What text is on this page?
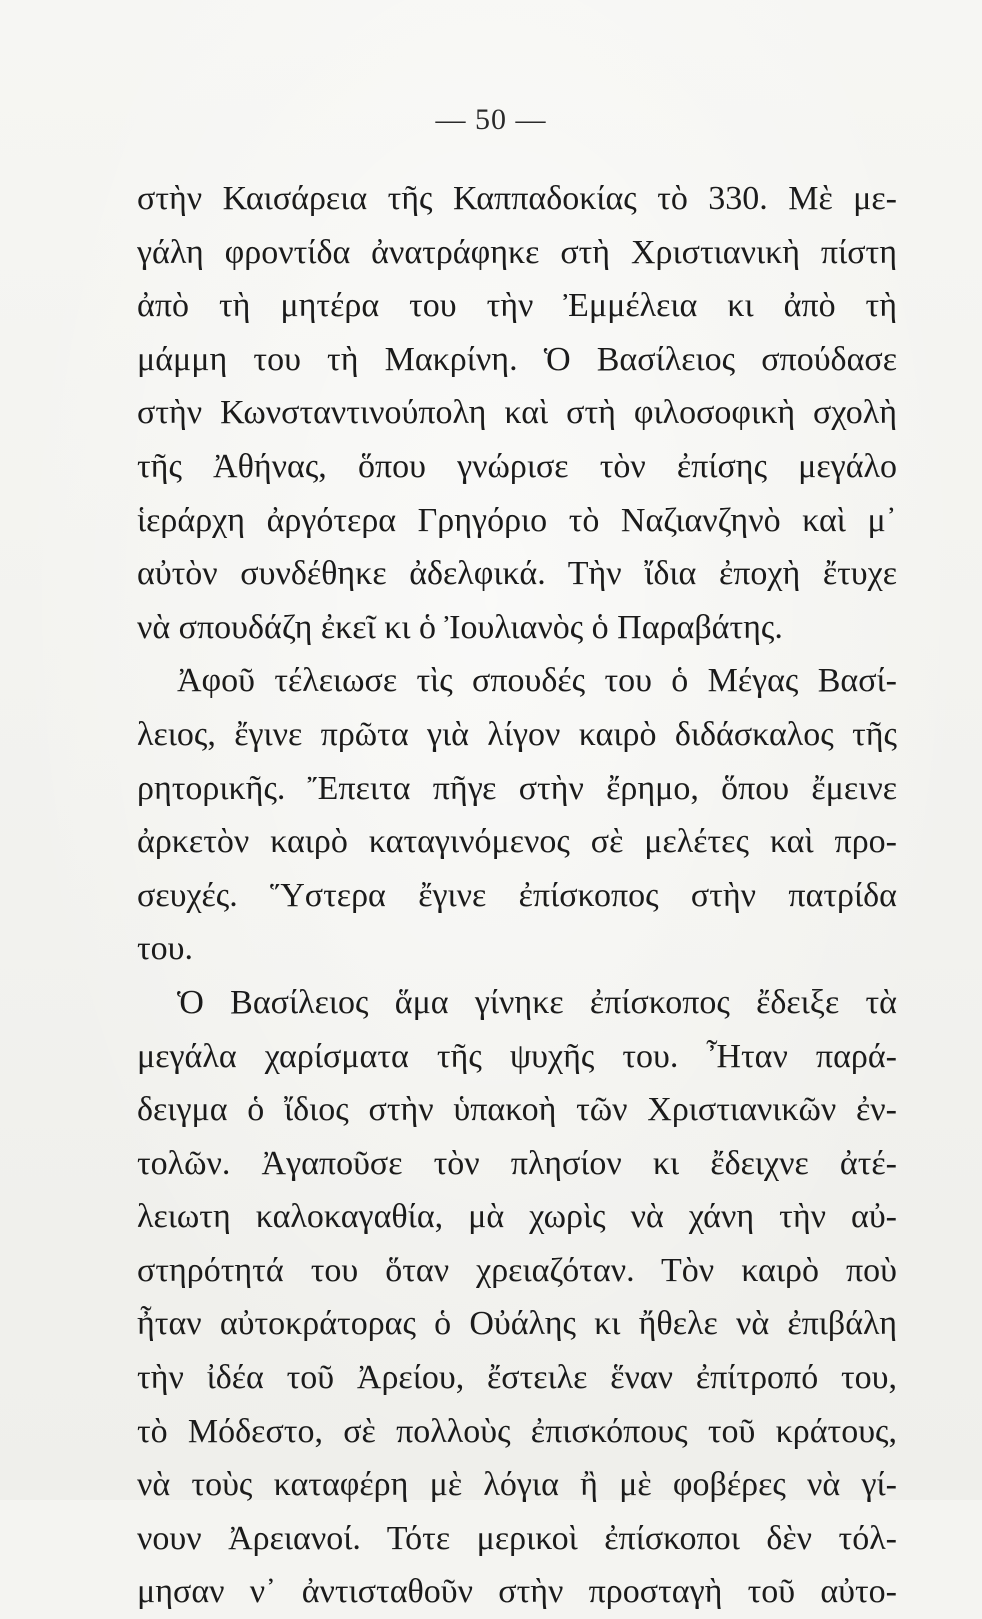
— 50 —
στὴν Καισάρεια τῆς Καππαδοκίας τὸ 330. Μὲ με-
γάλη φροντίδα ἀνατράφηκε στὴ Χριστιανικὴ πίστη
ἀπὸ τὴ μητέρα του τὴν Ἐμμέλεια κι ἀπὸ τὴ
μάμμη του τὴ Μακρίνη. Ὁ Βασίλειος σπούδασε
στὴν Κωνσταντινούπολη καὶ στὴ φιλοσοφικὴ σχολὴ
τῆς Ἀθήνας, ὅπου γνώρισε τὸν ἐπίσης μεγάλο
ἱεράρχη ἀργότερα Γρηγόριο τὸ Ναζιανζηνὸ καὶ μ᾽
αὐτὸν συνδέθηκε ἀδελφικά. Τὴν ἴδια ἐποχὴ ἔτυχε
νὰ σπουδάζη ἐκεῖ κι ὁ Ἰουλιανὸς ὁ Παραβάτης.
Ἀφοῦ τέλειωσε τὶς σπουδές του ὁ Μέγας Βασί-
λειος, ἔγινε πρῶτα γιὰ λίγον καιρὸ διδάσκαλος τῆς
ρητορικῆς. Ἔπειτα πῆγε στὴν ἔρημο, ὅπου ἔμεινε
ἀρκετὸν καιρὸ καταγινόμενος σὲ μελέτες καὶ προ-
σευχές. Ὕστερα ἔγινε ἐπίσκοπος στὴν πατρίδα
του.
Ὁ Βασίλειος ἅμα γίνηκε ἐπίσκοπος ἔδειξε τὰ
μεγάλα χαρίσματα τῆς ψυχῆς του. Ἦταν παρά-
δειγμα ὁ ἴδιος στὴν ὑπακοὴ τῶν Χριστιανικῶν ἐν-
τολῶν. Ἀγαποῦσε τὸν πλησίον κι ἔδειχνε ἀτέ-
λειωτη καλοκαγαθία, μὰ χωρὶς νὰ χάνη τὴν αὐ-
στηρότητά του ὅταν χρειαζόταν. Τὸν καιρὸ ποὺ
ἦταν αὐτοκράτορας ὁ Οὐάλης κι ἤθελε νὰ ἐπιβάλη
τὴν ἰδέα τοῦ Ἀρείου, ἔστειλε ἕναν ἐπίτροπό του,
τὸ Μόδεστο, σὲ πολλοὺς ἐπισκόπους τοῦ κράτους,
νὰ τοὺς καταφέρη μὲ λόγια ἢ μὲ φοβέρες νὰ γί-
νουν Ἀρειανοί. Τότε μερικοὶ ἐπίσκοποι δὲν τόλ-
μησαν ν᾽ ἀντισταθοῦν στὴν προσταγὴ τοῦ αὐτο-
